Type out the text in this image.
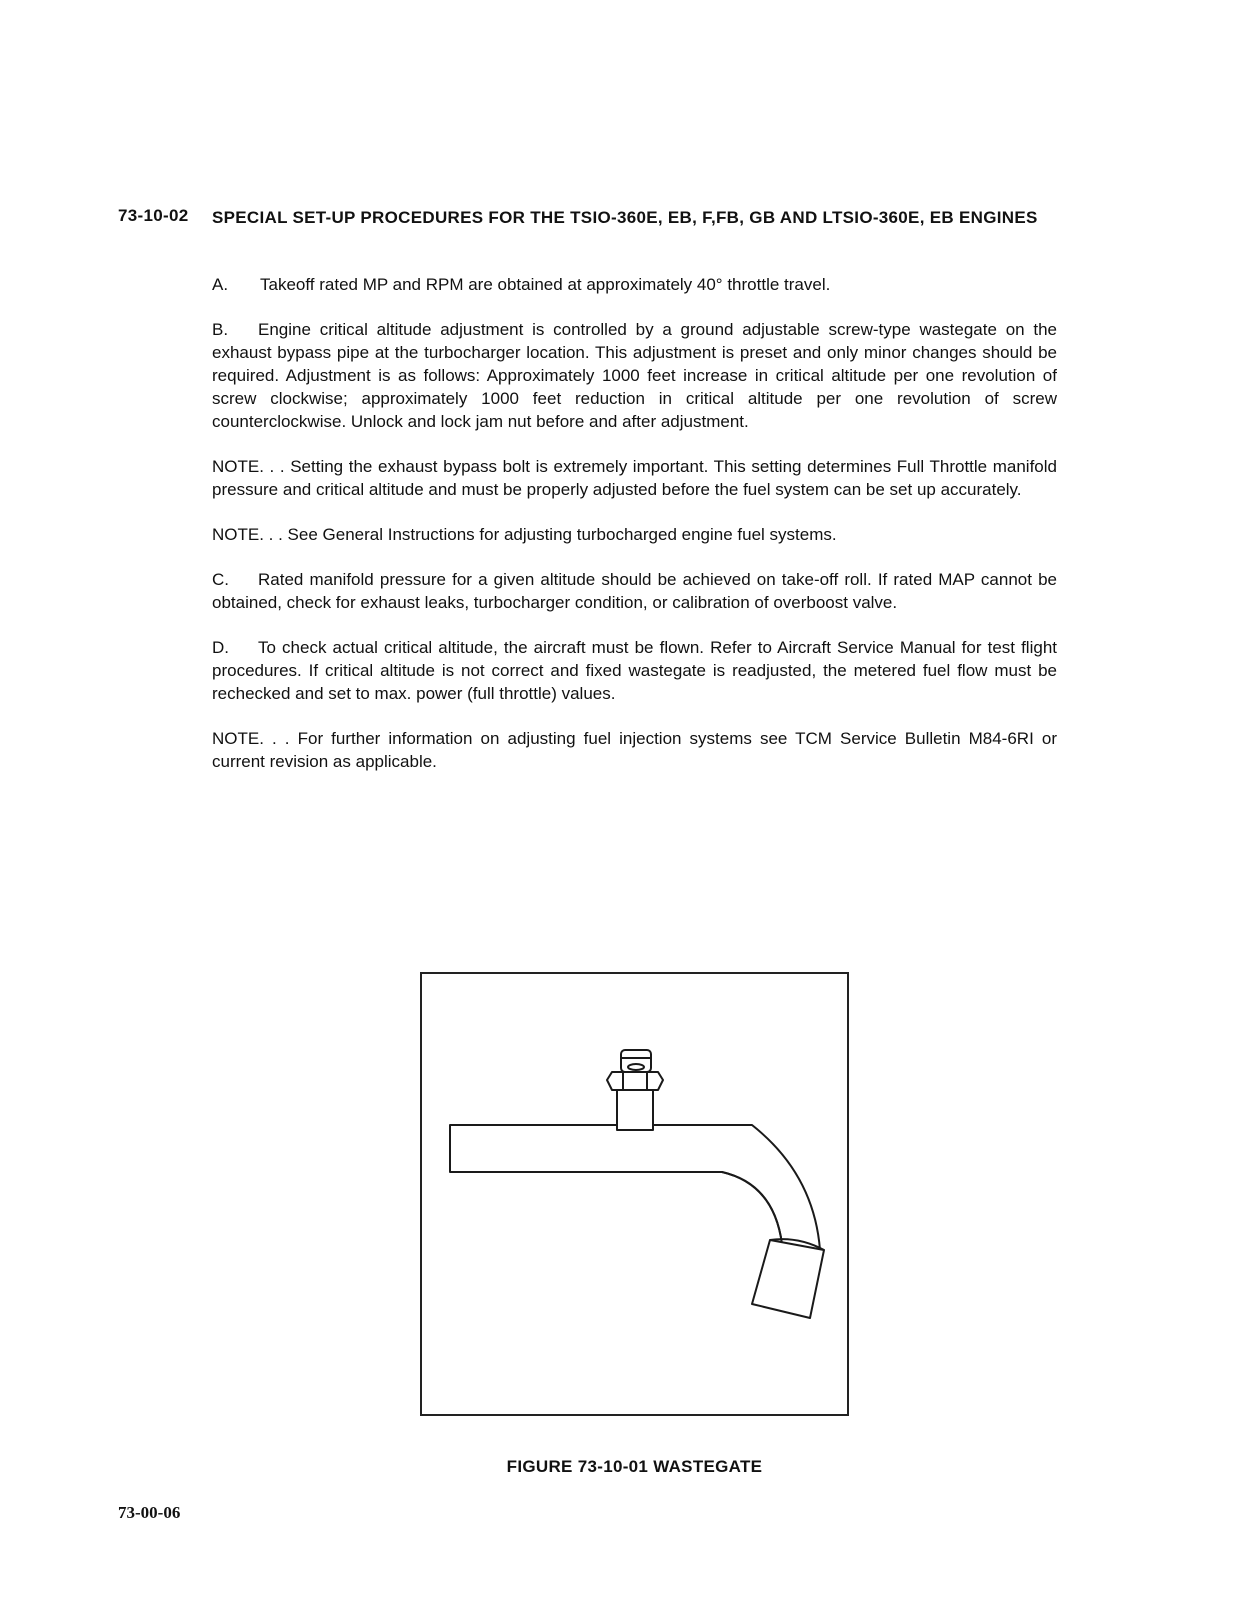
73-10-02 SPECIAL SET-UP PROCEDURES FOR THE TSIO-360E, EB, F,FB, GB AND LTSIO-360E, EB ENGINES

A. Takeoff rated MP and RPM are obtained at approximately 40° throttle travel.

B. Engine critical altitude adjustment is controlled by a ground adjustable screw-type wastegate on the exhaust bypass pipe at the turbocharger location. This adjustment is preset and only minor changes should be required. Adjustment is as follows: Approximately 1000 feet increase in critical altitude per one revolution of screw clockwise; approximately 1000 feet reduction in critical altitude per one revolution of screw counterclockwise. Unlock and lock jam nut before and after adjustment.

NOTE. . . Setting the exhaust bypass bolt is extremely important. This setting determines Full Throttle manifold pressure and critical altitude and must be properly adjusted before the fuel system can be set up accurately.

NOTE. . . See General Instructions for adjusting turbocharged engine fuel systems.

C. Rated manifold pressure for a given altitude should be achieved on take-off roll. If rated MAP cannot be obtained, check for exhaust leaks, turbocharger condition, or calibration of overboost valve.

D. To check actual critical altitude, the aircraft must be flown. Refer to Aircraft Service Manual for test flight procedures. If critical altitude is not correct and fixed wastegate is readjusted, the metered fuel flow must be rechecked and set to max. power (full throttle) values.

NOTE. . . For further information on adjusting fuel injection systems see TCM Service Bulletin M84-6RI or current revision as applicable.

FIGURE 73-10-01 WASTEGATE
73-00-06
